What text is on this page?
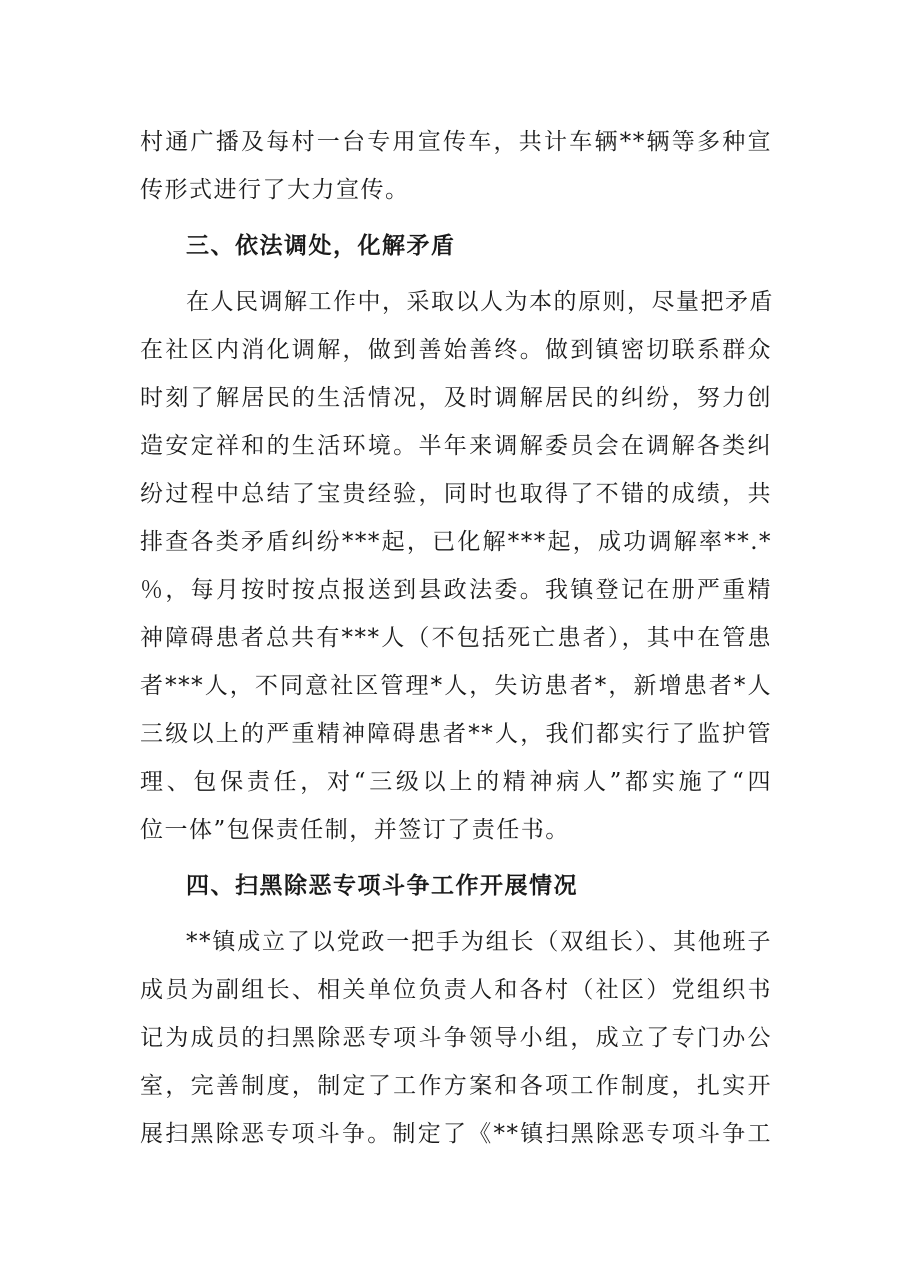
村通广播及每村一台专用宣传车，共计车辆**辆等多种宣
传形式进行了大力宣传。
三、依法调处，化解矛盾
在人民调解工作中，采取以人为本的原则，尽量把矛盾
在社区内消化调解，做到善始善终。做到镇密切联系群众
时刻了解居民的生活情况，及时调解居民的纠纷，努力创
造安定祥和的生活环境。半年来调解委员会在调解各类纠
纷过程中总结了宝贵经验，同时也取得了不错的成绩，共
排查各类矛盾纠纷***起，已化解***起，成功调解率**.*
％，每月按时按点报送到县政法委。我镇登记在册严重精
神障碍患者总共有***人（不包括死亡患者），其中在管患
者***人，不同意社区管理*人，失访患者*，新增患者*人
三级以上的严重精神障碍患者**人，我们都实行了监护管
理、包保责任，对“三级以上的精神病人”都实施了“四
位一体”包保责任制，并签订了责任书。
四、扫黑除恶专项斗争工作开展情况
**镇成立了以党政一把手为组长（双组长）、其他班子
成员为副组长、相关单位负责人和各村（社区）党组织书
记为成员的扫黑除恶专项斗争领导小组，成立了专门办公
室，完善制度，制定了工作方案和各项工作制度，扎实开
展扫黑除恶专项斗争。制定了《**镇扫黑除恶专项斗争工
